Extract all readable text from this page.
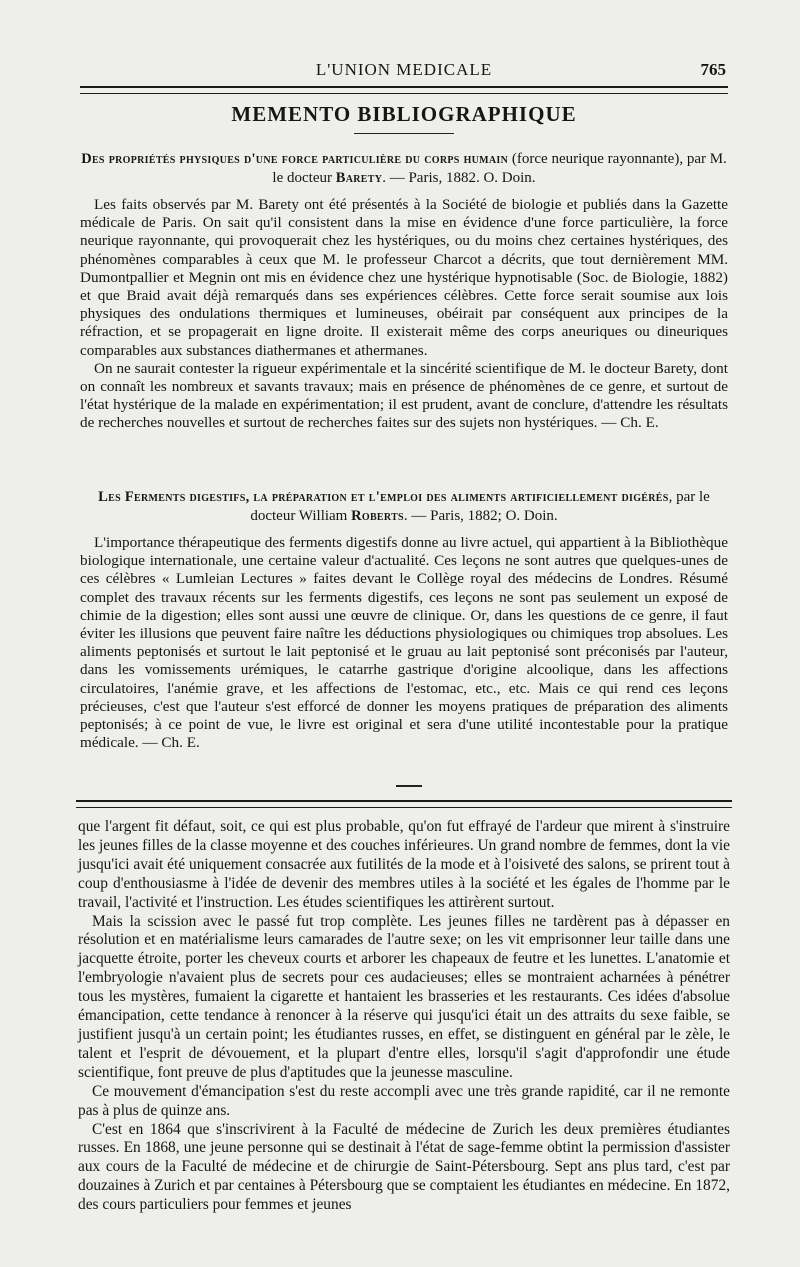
L'UNION MEDICALE	765
MEMENTO BIBLIOGRAPHIQUE
Des propriétés physiques d'une force particulière du corps humain (force neurique rayonnante), par M. le docteur Barety. — Paris, 1882. O. Doin.

Les faits observés par M. Barety ont été présentés à la Société de biologie et publiés dans la Gazette médicale de Paris. On sait qu'il consistent dans la mise en évidence d'une force particulière, la force neurique rayonnante, qui provoquerait chez les hystériques, ou du moins chez certaines hystériques, des phénomènes comparables à ceux que M. le professeur Charcot a décrits, que tout dernièrement MM. Dumontpallier et Megnin ont mis en évidence chez une hystérique hypnotisable (Soc. de Biologie, 1882) et que Braid avait déjà remarqués dans ses expériences célèbres. Cette force serait soumise aux lois physiques des ondulations thermiques et lumineuses, obéirait par conséquent aux principes de la réfraction, et se propagerait en ligne droite. Il existerait même des corps aneuriques ou dineuriques comparables aux substances diathermanes et athermanes.

On ne saurait contester la rigueur expérimentale et la sincérité scientifique de M. le docteur Barety, dont on connaît les nombreux et savants travaux; mais en présence de phénomènes de ce genre, et surtout de l'état hystérique de la malade en expérimentation; il est prudent, avant de conclure, d'attendre les résultats de recherches nouvelles et surtout de recherches faites sur des sujets non hystériques. — Ch. E.

Les Ferments digestifs, la préparation et l'emploi des aliments artificiellement digérés, par le docteur William Roberts. — Paris, 1882; O. Doin.

L'importance thérapeutique des ferments digestifs donne au livre actuel, qui appartient à la Bibliothèque biologique internationale, une certaine valeur d'actualité. Ces leçons ne sont autres que quelques-unes de ces célèbres « Lumleian Lectures » faites devant le Collège royal des médecins de Londres. Résumé complet des travaux récents sur les ferments digestifs, ces leçons ne sont pas seulement un exposé de chimie de la digestion; elles sont aussi une œuvre de clinique. Or, dans les questions de ce genre, il faut éviter les illusions que peuvent faire naître les déductions physiologiques ou chimiques trop absolues. Les aliments peptonisés et surtout le lait peptonisé et le gruau au lait peptonisé sont préconisés par l'auteur, dans les vomissements urémiques, le catarrhe gastrique d'origine alcoolique, dans les affections circulatoires, l'anémie grave, et les affections de l'estomac, etc., etc. Mais ce qui rend ces leçons précieuses, c'est que l'auteur s'est efforcé de donner les moyens pratiques de préparation des aliments peptonisés; à ce point de vue, le livre est original et sera d'une utilité incontestable pour la pratique médicale. — Ch. E.

que l'argent fit défaut, soit, ce qui est plus probable, qu'on fut effrayé de l'ardeur que mirent à s'instruire les jeunes filles de la classe moyenne et des couches inférieures. Un grand nombre de femmes, dont la vie jusqu'ici avait été uniquement consacrée aux futilités de la mode et à l'oisiveté des salons, se prirent tout à coup d'enthousiasme à l'idée de devenir des membres utiles à la société et les égales de l'homme par le travail, l'activité et l'instruction. Les études scientifiques les attirèrent surtout.

Mais la scission avec le passé fut trop complète. Les jeunes filles ne tardèrent pas à dépasser en résolution et en matérialisme leurs camarades de l'autre sexe; on les vit emprisonner leur taille dans une jacquette étroite, porter les cheveux courts et arborer les chapeaux de feutre et les lunettes. L'anatomie et l'embryologie n'avaient plus de secrets pour ces audacieuses; elles se montraient acharnées à pénétrer tous les mystères, fumaient la cigarette et hantaient les brasseries et les restaurants. Ces idées d'absolue émancipation, cette tendance à renoncer à la réserve qui jusqu'ici était un des attraits du sexe faible, se justifient jusqu'à un certain point; les étudiantes russes, en effet, se distinguent en général par le zèle, le talent et l'esprit de dévouement, et la plupart d'entre elles, lorsqu'il s'agit d'approfondir une étude scientifique, font preuve de plus d'aptitudes que la jeunesse masculine.

Ce mouvement d'émancipation s'est du reste accompli avec une très grande rapidité, car il ne remonte pas à plus de quinze ans.

C'est en 1864 que s'inscrivirent à la Faculté de médecine de Zurich les deux premières étudiantes russes. En 1868, une jeune personne qui se destinait à l'état de sage-femme obtint la permission d'assister aux cours de la Faculté de médecine et de chirurgie de Saint-Pétersbourg. Sept ans plus tard, c'est par douzaines à Zurich et par centaines à Pétersbourg que se comptaient les étudiantes en médecine. En 1872, des cours particuliers pour femmes et jeunes
